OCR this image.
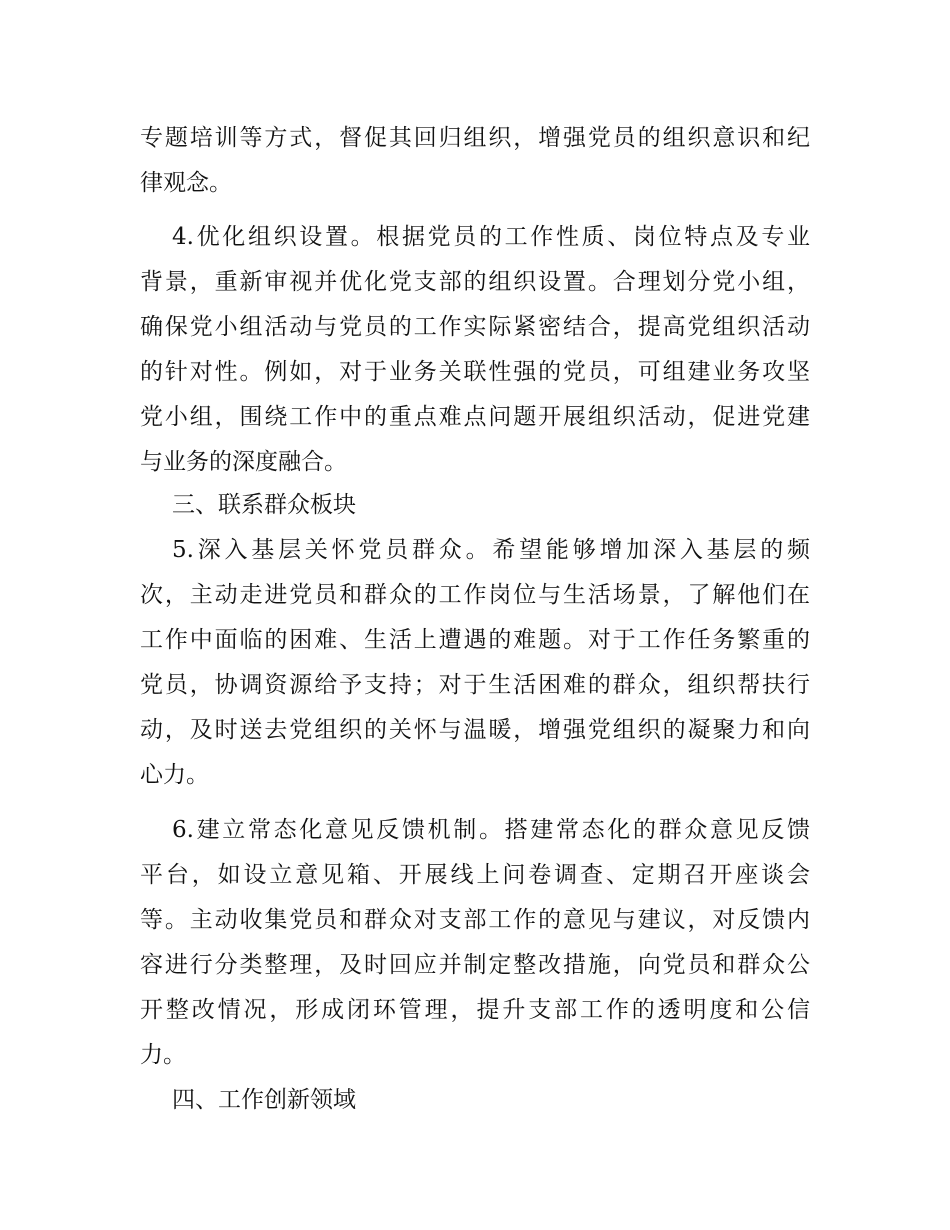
专题培训等方式，督促其回归组织，增强党员的组织意识和纪
律观念。
4.优化组织设置。根据党员的工作性质、岗位特点及专业
背景，重新审视并优化党支部的组织设置。合理划分党小组，
确保党小组活动与党员的工作实际紧密结合，提高党组织活动
的针对性。例如，对于业务关联性强的党员，可组建业务攻坚
党小组，围绕工作中的重点难点问题开展组织活动，促进党建
与业务的深度融合。
三、联系群众板块
5.深入基层关怀党员群众。希望能够增加深入基层的频
次，主动走进党员和群众的工作岗位与生活场景，了解他们在
工作中面临的困难、生活上遭遇的难题。对于工作任务繁重的
党员，协调资源给予支持；对于生活困难的群众，组织帮扶行
动，及时送去党组织的关怀与温暖，增强党组织的凝聚力和向
心力。
6.建立常态化意见反馈机制。搭建常态化的群众意见反馈
平台，如设立意见箱、开展线上问卷调查、定期召开座谈会
等。主动收集党员和群众对支部工作的意见与建议，对反馈内
容进行分类整理，及时回应并制定整改措施，向党员和群众公
开整改情况，形成闭环管理，提升支部工作的透明度和公信
力。
四、工作创新领域
